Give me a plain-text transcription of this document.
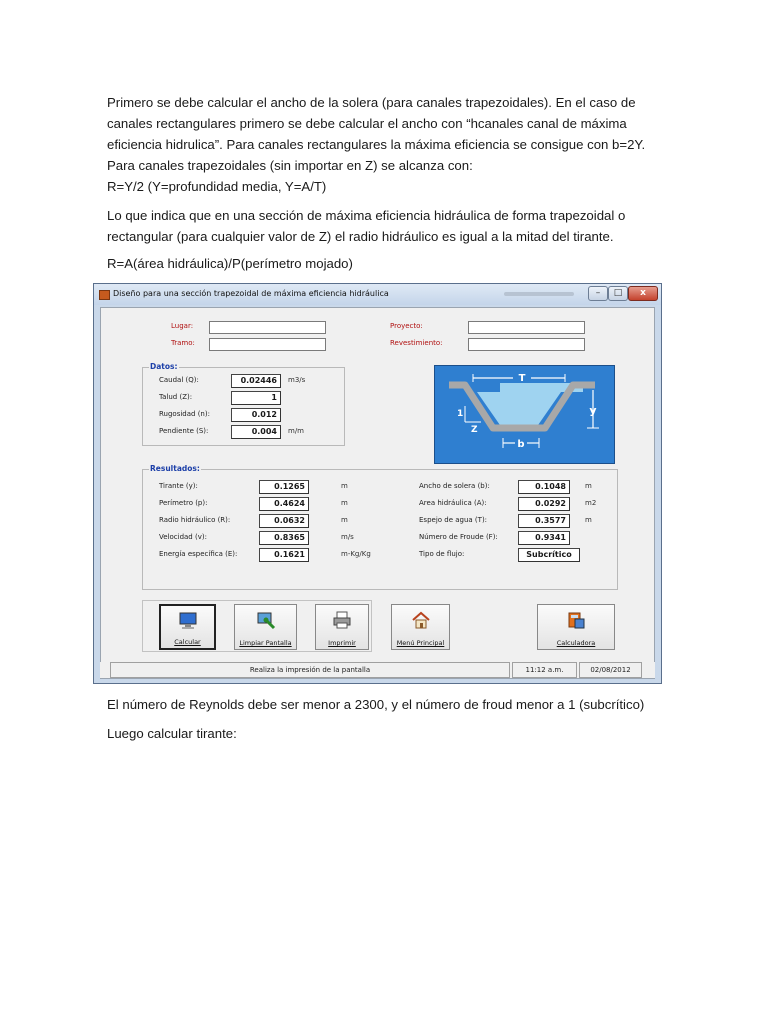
Primero se debe calcular el ancho de la solera (para canales trapezoidales). En el caso de canales rectangulares primero se debe calcular el ancho con “hcanales canal de máxima eficiencia hidrulica”. Para canales rectangulares la máxima eficiencia se consigue con b=2Y. Para canales trapezoidales (sin importar en Z) se alcanza con:

R=Y/2 (Y=profundidad media, Y=A/T)

Lo que indica que en una sección de máxima eficiencia hidráulica de forma trapezoidal o rectangular (para cualquier valor de Z) el radio hidráulico es igual a la mitad del tirante.

R=A(área hidráulica)/P(perímetro mojado)

Diseño para una sección trapezoidal de máxima eficiencia hidráulica	–	□	x
Lugar:
Tramo:
Proyecto:
Revestimiento:
Datos:
Caudal (Q):	0.02446	m3/s
Talud (Z):	1
Rugosidad (n):	0.012
Pendiente (S):	0.004	m/m
T
y
1
Z
b
Resultados:
Tirante (y):	0.1265	m
Perímetro (p):	0.4624	m
Radio hidráulico (R):	0.0632	m
Velocidad (v):	0.8365	m/s
Energía específica (E):	0.1621	m-Kg/Kg
Ancho de solera (b):	0.1048	m
Area hidráulica (A):	0.0292	m2
Espejo de agua (T):	0.3577	m
Número de Froude (F):	0.9341
Tipo de flujo:	Subcrítico
Calcular	Limpiar Pantalla	Imprimir	Menú Principal	Calculadora
Realiza la impresión de la pantalla	11:12 a.m.	02/08/2012

El número de Reynolds debe ser menor a 2300, y el número de froud menor a 1 (subcrítico)

Luego calcular tirante:
